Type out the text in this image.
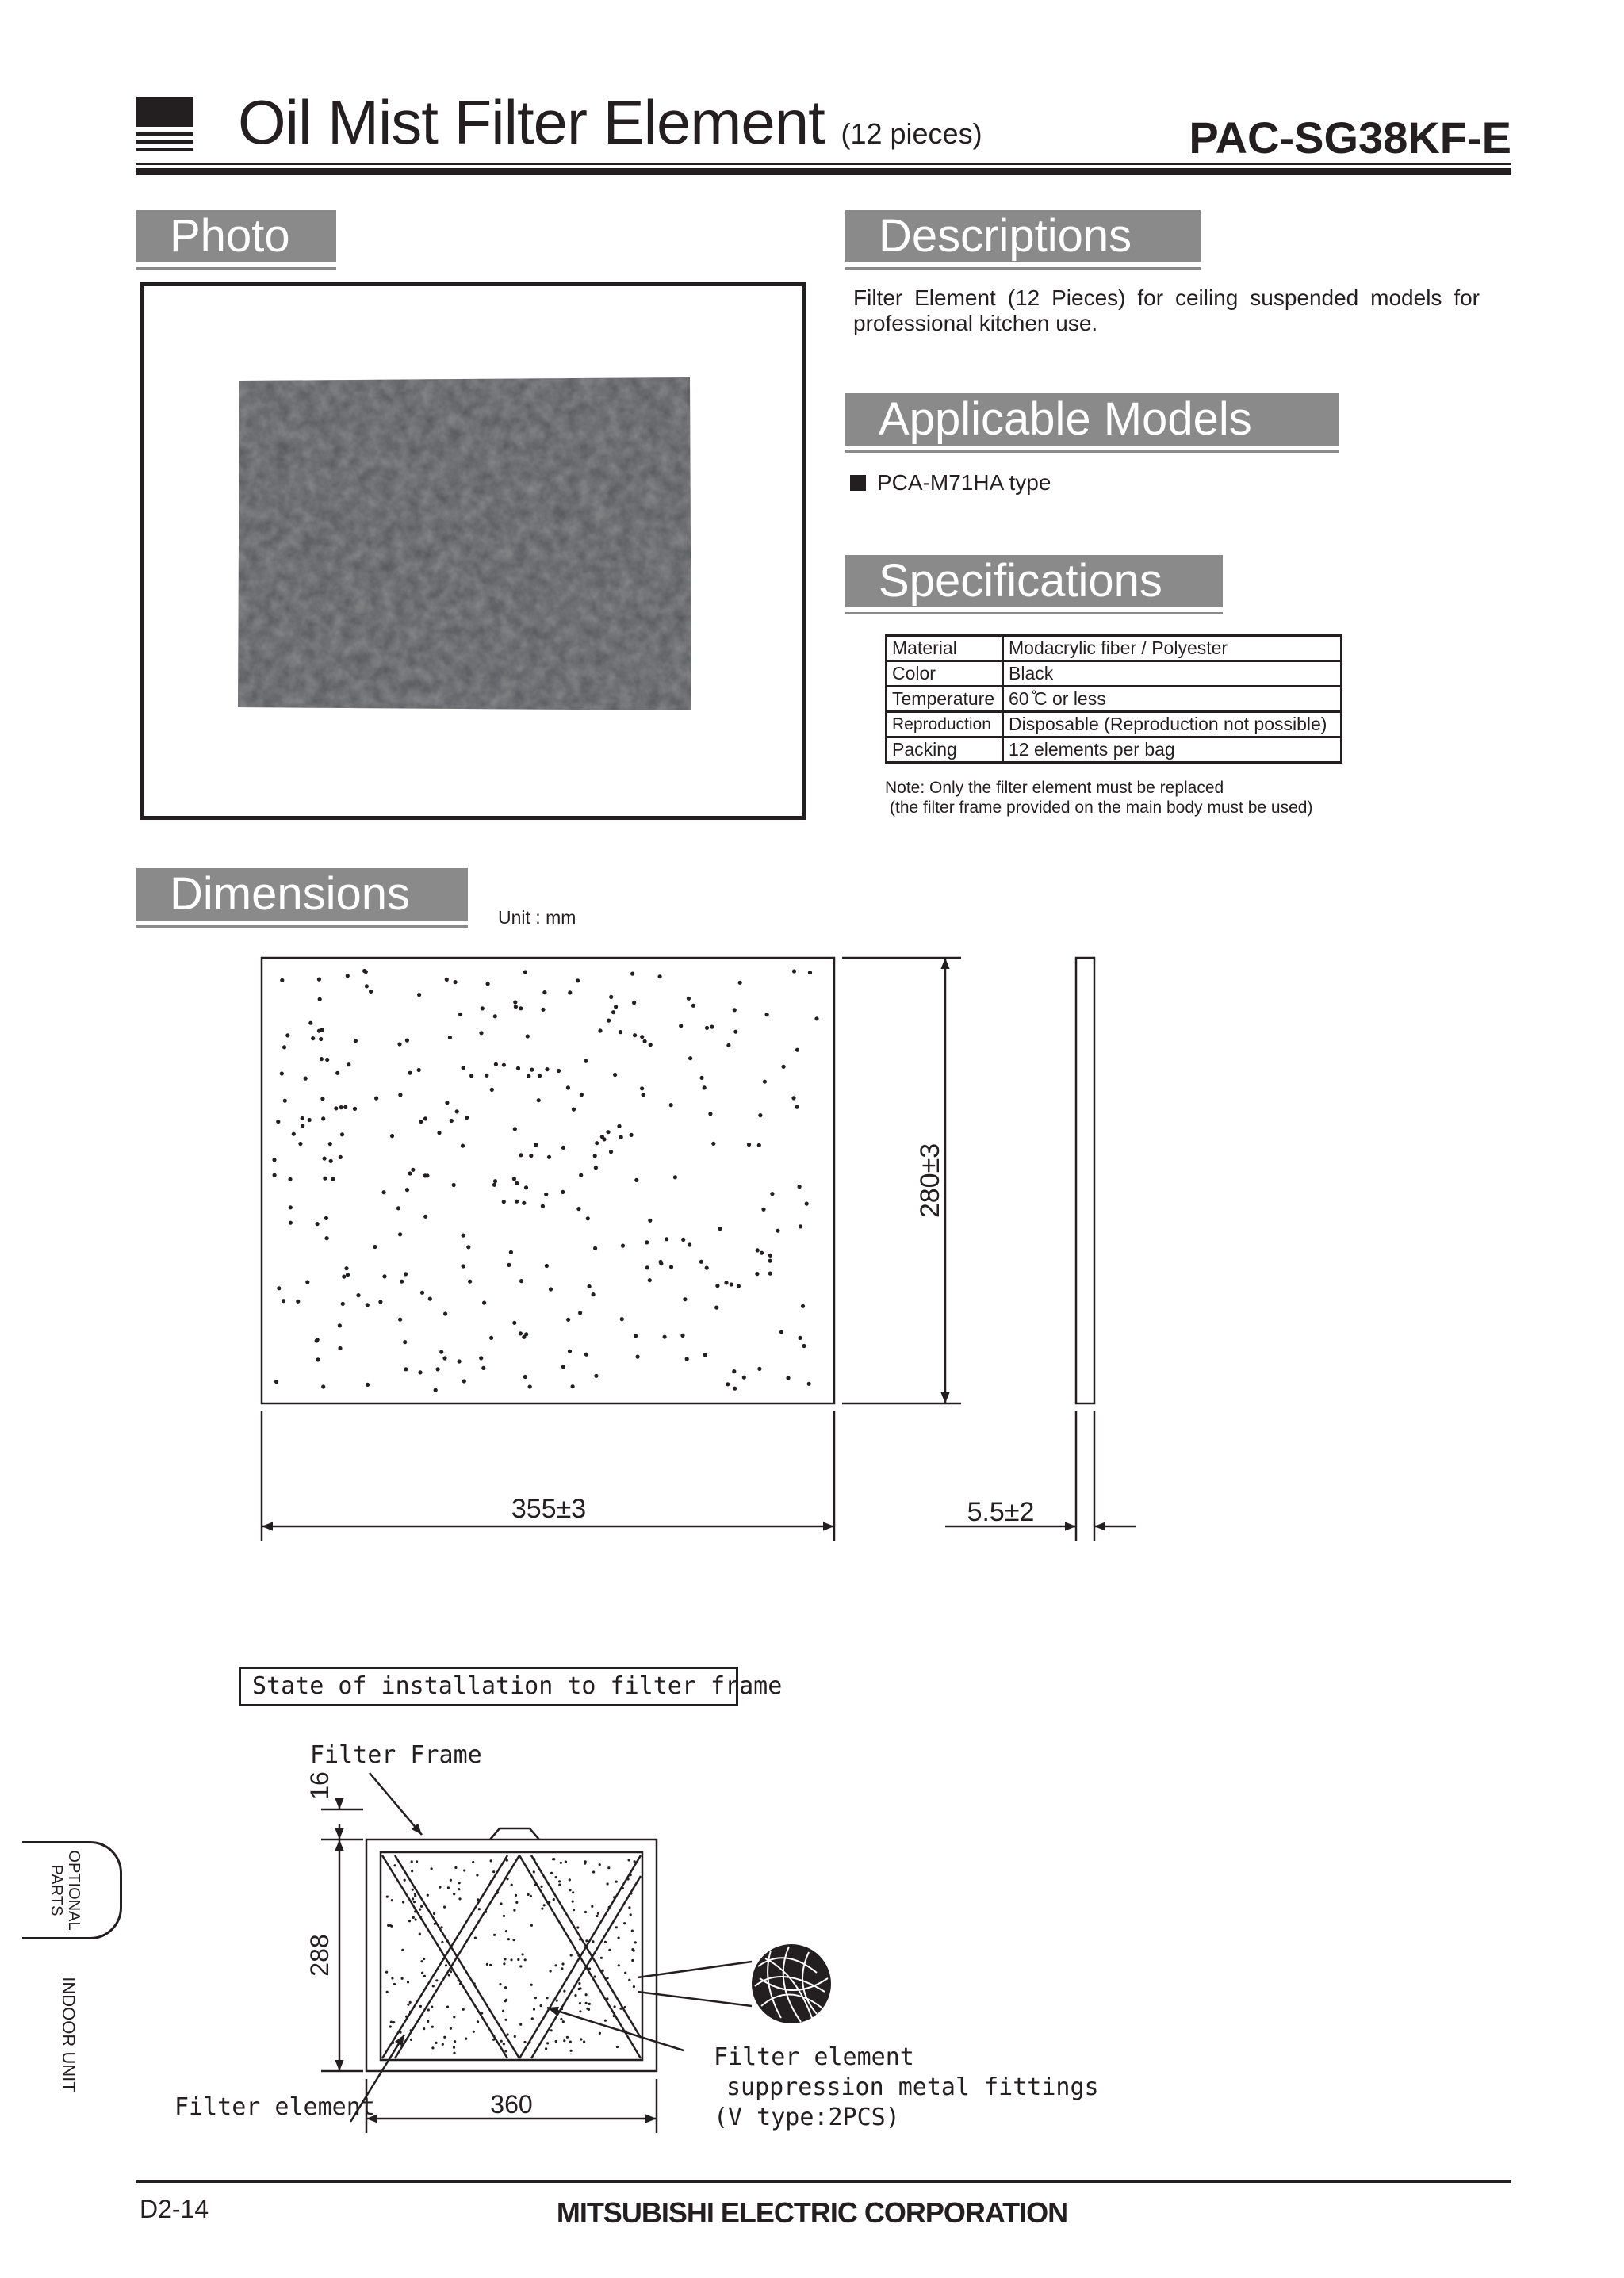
Oil Mist Filter Element (12 pieces)	PAC-SG38KF-E
Photo	Descriptions
Filter Element (12 Pieces) for ceiling suspended models for professional kitchen use.
Applicable Models
PCA-M71HA type
Specifications
Material	Modacrylic fiber / Polyester
Color	Black
Temperature	60 ̊C or less
Reproduction	Disposable (Reproduction not possible)
Packing	12 elements per bag
Note: Only the filter element must be replaced
(the filter frame provided on the main body must be used)
Dimensions	Unit : mm
355±3
280±3
5.5±2
16
288
360
State of installation to filter frame
Filter Frame
Filter element
Filter element
suppression metal fittings
(V type:2PCS)
OPTIONAL
PARTS
INDOOR UNIT
D2-14	MITSUBISHI ELECTRIC CORPORATION
